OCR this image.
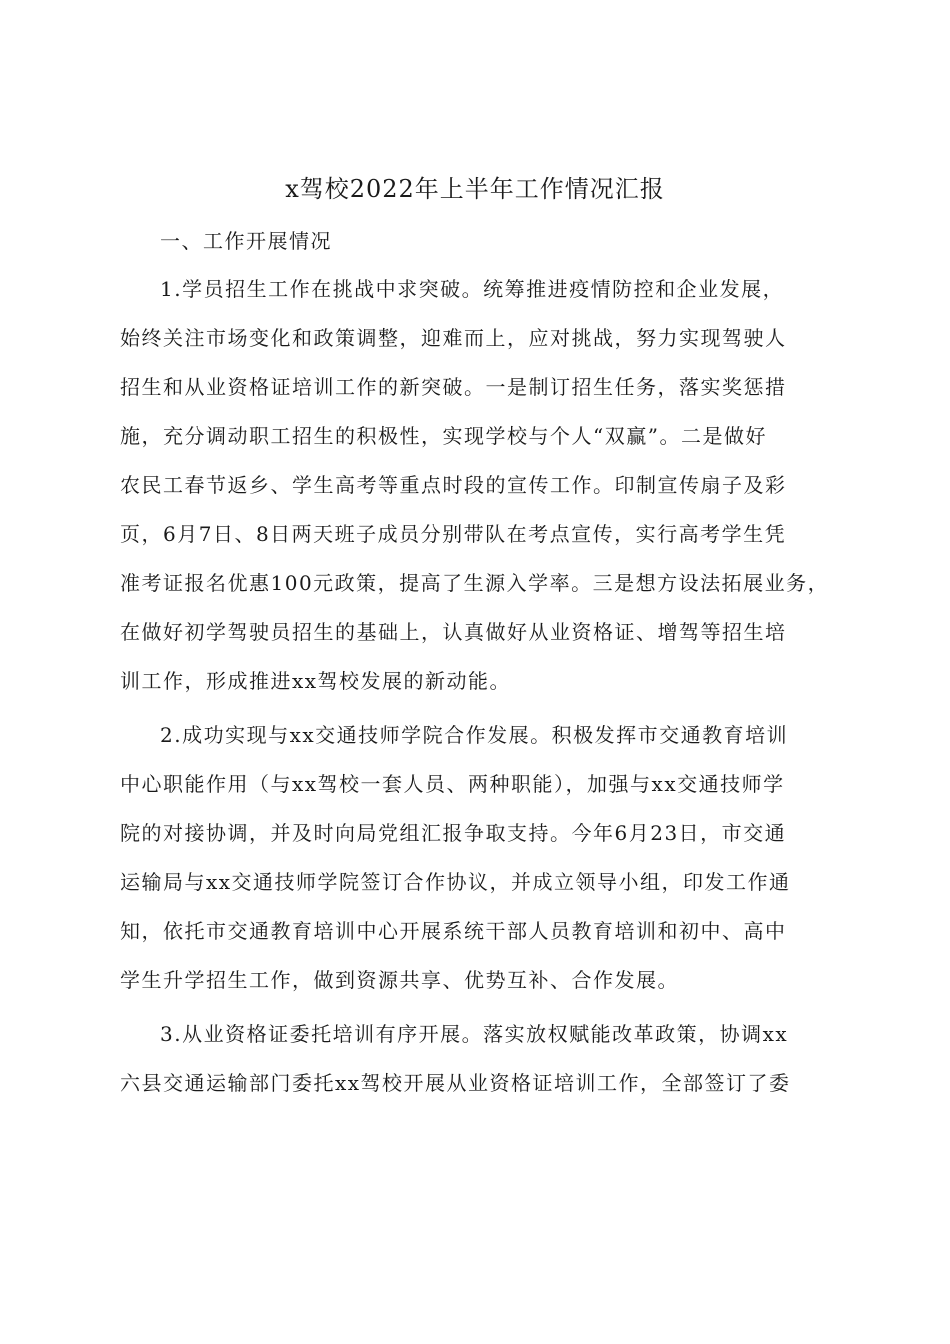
x驾校2022年上半年工作情况汇报
一、工作开展情况
1.学员招生工作在挑战中求突破。统筹推进疫情防控和企业发展，
始终关注市场变化和政策调整，迎难而上，应对挑战，努力实现驾驶人
招生和从业资格证培训工作的新突破。一是制订招生任务，落实奖惩措
施，充分调动职工招生的积极性，实现学校与个人“双赢”。二是做好
农民工春节返乡、学生高考等重点时段的宣传工作。印制宣传扇子及彩
页，6月7日、8日两天班子成员分别带队在考点宣传，实行高考学生凭
准考证报名优惠100元政策，提高了生源入学率。三是想方设法拓展业务，
在做好初学驾驶员招生的基础上，认真做好从业资格证、增驾等招生培
训工作，形成推进xx驾校发展的新动能。
2.成功实现与xx交通技师学院合作发展。积极发挥市交通教育培训
中心职能作用（与xx驾校一套人员、两种职能），加强与xx交通技师学
院的对接协调，并及时向局党组汇报争取支持。今年6月23日，市交通
运输局与xx交通技师学院签订合作协议，并成立领导小组，印发工作通
知，依托市交通教育培训中心开展系统干部人员教育培训和初中、高中
学生升学招生工作，做到资源共享、优势互补、合作发展。
3.从业资格证委托培训有序开展。落实放权赋能改革政策，协调xx
六县交通运输部门委托xx驾校开展从业资格证培训工作，全部签订了委
